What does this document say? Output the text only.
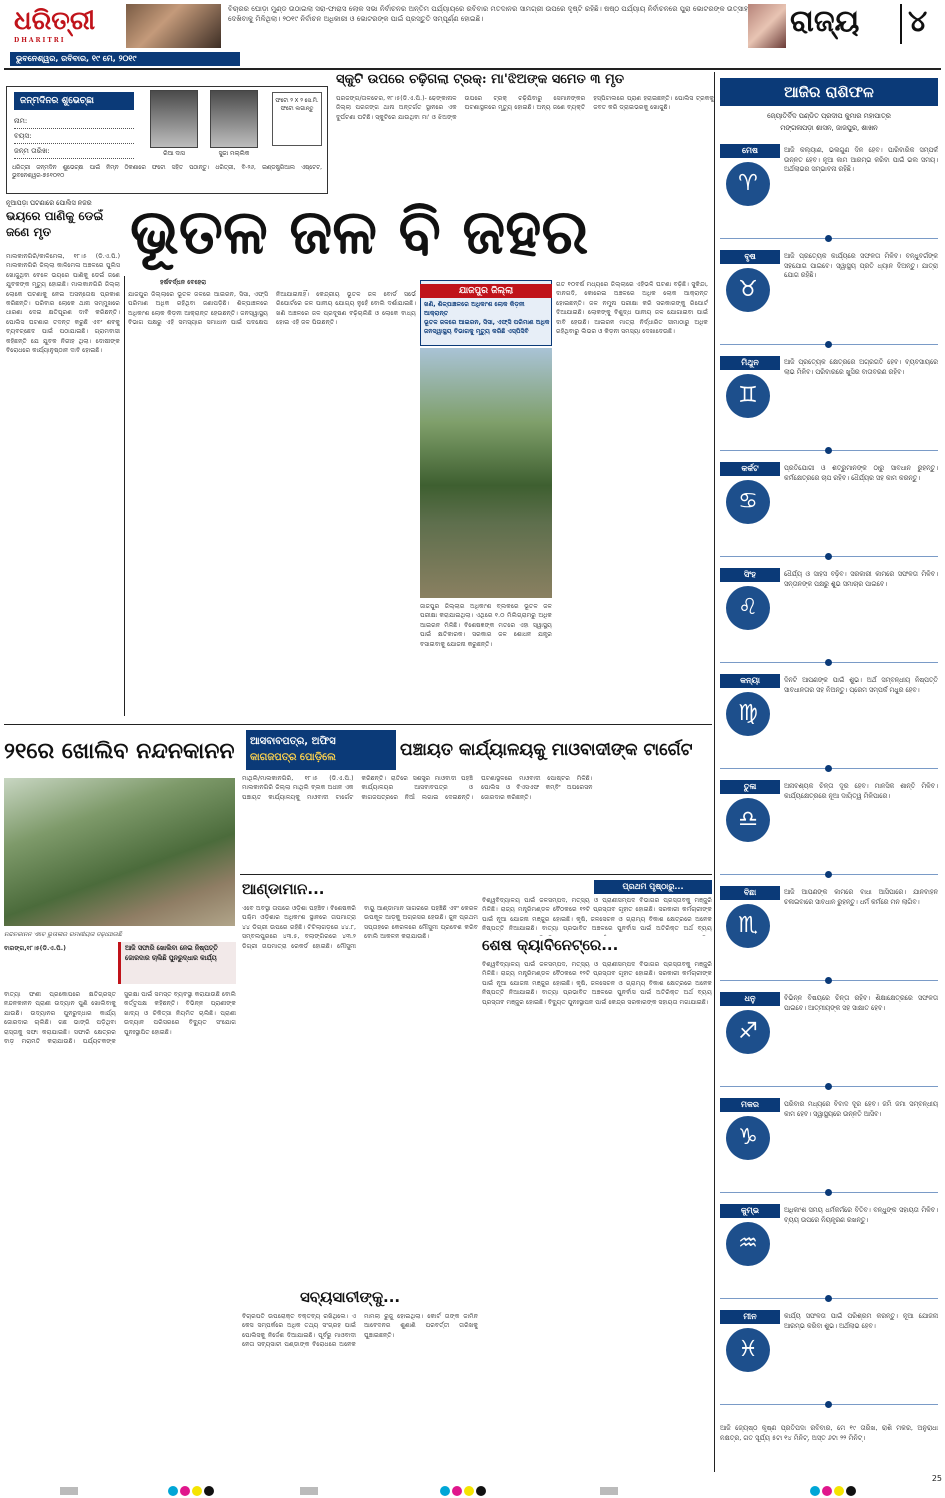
ଧରିତ୍ରୀ
DHARITRI
ବିଚାରର ଘୋଡ଼ା ମୁଣ୍ଡ ଉଠାଇଲା ସରା-ଫାରାସ ଲୋକ ସଭା ନିର୍ବାଚନର ଅନ୍ତିମ ପର୍ଯ୍ୟାୟରେ ରବିବାର ମତଦାନର ସାମଗ୍ରୀ ଉପରେ ଦୃଷ୍ଟି ରହିଛି। ଷଷ୍ଠ ପର୍ଯ୍ୟାୟ ନିର୍ବାଚନରେ ପୁରା ଭୋଟରଙ୍କ ଉତ୍ସାହ ଦେଖିବାକୁ ମିଳିଥିଲା। ୨୦୧୯ ନିର୍ବାଚନ ଅଧିକାରୀ ଓ ଭୋଟରଙ୍କ ପାଇଁ ପ୍ରସ୍ତୁତି ସମ୍ପୂର୍ଣ୍ଣ ହୋଇଛି।	ରାଜ୍ୟ	୪
ଭୁବନେଶ୍ୱର, ରବିବାର, ୧୯ ମେ, ୨୦୧୯
ସ୍କୁଟି ଉପରେ ଚଢ଼ିଗଲା ଟ୍ରକ୍: ମା'ଝିଅଙ୍କ ସମେତ ୩ ମୃତ
ପରଜଙ୍ଗ/ତାଳଚେର, ୧୮।୫(ଡି.ଏ.ପି.)- ଢେଙ୍କାନାଳ ଜିଲ୍ଲା ପରଜଙ୍ଗ ଥାନା ଅନ୍ତର୍ଗତ ସ୍ଥାନରେ ଏକ ଦୁର୍ଘଟଣା ଘଟିଛି। ସ୍କୁଟିରେ ଯାଉଥିବା ମା' ଓ ଝିଅଙ୍କ ଉପରେ ଟ୍ରକ୍ ଚଢ଼ିଯିବାରୁ ସେମାନଙ୍କର ଘଟଣାସ୍ଥଳରେ ମୃତ୍ୟୁ ହୋଇଛି। ଅନ୍ୟ ଜଣେ ବ୍ୟକ୍ତି ହସ୍ପିଟାଲରେ ପ୍ରାଣ ହରାଇଛନ୍ତି। ପୋଲିସ ଟ୍ରକକୁ ଜବତ କରି ଡ୍ରାଇଭରକୁ ଖୋଜୁଛି।
ଜନ୍ମଦିନର ଶୁଭେଚ୍ଛା
ନାମ:
ବୟସ:
ଜନ୍ମ ତାରିଖ:	ରିଆ ଦାସ	ସୁଜା ମଲ୍ଲିକ
ଫଟୋ ୨ X ୨ ସେ.ମି. ଫଟୋ ଲଗାନ୍ତୁ
ଧରିତ୍ରୀ ଜନ୍ମଦିନ ଶୁଭେଚ୍ଛା ପାଇଁ ନିମ୍ନ ଠିକଣାରେ ଫଟୋ ସହିତ ପଠାନ୍ତୁ। ଧରିତ୍ରୀ, ବି-୨୬, ଇଣ୍ଡଷ୍ଟ୍ରିଆଲ ଏଷ୍ଟେଟ, ଭୁବନେଶ୍ୱର-୭୫୧୦୧୦
ନୂଆପଡ଼ା ଘଟଣାରେ ପୋଲିସ ନଜର
ଭୟରେ ପାଣିକୁ ଡେଇଁ ଜଣେ ମୃତ	ଭୂତଳ ଜଳ ବି ଜହର
ମାଲକାନଗିରି/କାଳିମେଳା, ୧୮।୫ (ଡି.ଏ.ପି.) ମାଲକାନଗିରି ଜିଲ୍ଲା କାଳିମେଳା ଅଞ୍ଚଳରେ ପୁଲିସ ଖୋଜୁଥିବା ବେଳେ ଭୟରେ ପାଣିକୁ ଡେଇଁ ଜଣେ ଯୁବକଙ୍କ ମୃତ୍ୟୁ ହୋଇଛି। ମାଲକାନଗିରି ଜିଲ୍ଲା ଲୋକେ ଘଟଣାକୁ ନେଇ ଅସନ୍ତୋଷ ପ୍ରକାଶ କରିଛନ୍ତି। ପରିବାର ଲୋକେ ଥାନା ସମ୍ମୁଖରେ ଧାରଣା ଦେଇ କ୍ଷତିପୂରଣ ଦାବି କରିଛନ୍ତି। ପୋଲିସ ଘଟଣାର ତଦନ୍ତ କରୁଛି ଏବଂ ଶବକୁ ବ୍ୟବଚ୍ଛେଦ ପାଇଁ ପଠାଯାଇଛି। ଗ୍ରାମବାସୀ କହିଛନ୍ତି ଯେ ଯୁବକ ନିରୀହ ଥିଲା। ଦୋଷୀଙ୍କ ବିରୋଧରେ କାର୍ଯ୍ୟାନୁଷ୍ଠାନ ଦାବି ହୋଇଛି।
ହର୍ଷବର୍ଦ୍ଧନ ବେହେରା
ଯାଜପୁର ଜିଲ୍ଲାରେ ଭୂତଳ ଜଳରେ ଆଇରନ, ସିସା, ଏଫ୍‌ସି ପରିମାଣ ଅଧିକ ରହିଥିବା ଜଣାପଡ଼ିଛି। ଶିଳ୍ପାଞ୍ଚଳରେ ଅଧିକାଂଶ ଲୋକ କିଡ଼ନୀ ଆକ୍ରାନ୍ତ ହେଉଛନ୍ତି। ଜନସ୍ୱାସ୍ଥ୍ୟ ବିଭାଗ ପକ୍ଷରୁ ଏହି ସମସ୍ୟାର ସମାଧାନ ପାଇଁ ପଦକ୍ଷେପ ନିଆଯାଇନାହିଁ। କେନ୍ଦ୍ରୀୟ ଭୂତଳ ଜଳ ବୋର୍ଡ ସର୍ଭେ ରିପୋର୍ଟରେ ଜଳ ପାନୀୟ ଯୋଗ୍ୟ ନୁହେଁ ବୋଲି ଦର୍ଶାଯାଇଛି। ଖଣି ଅଞ୍ଚଳରେ ଜଳ ପ୍ରଦୂଷଣ ବଢ଼ିଚାଲିଛି ଓ ଲୋକେ ବାଧ୍ୟ ହୋଇ ଏହି ଜଳ ପିଉଛନ୍ତି।
ଯାଜପୁର ଜିଲ୍ଲା
ଖଣି, ଶିଳ୍ପାଞ୍ଚଳରେ ଅଧିକାଂଶ ଲୋକ କିଡ଼ନୀ ଆକ୍ରାନ୍ତ
ଭୂତଳ ଜଳରେ ଆଇରନ, ସିସା, ଏଫ୍‌ସି ପରିମାଣ ଅଧିକ
ଜନସ୍ୱାସ୍ଥ୍ୟ ବିଭାଗକୁ ମୃତ୍ୟୁ କରିଛି ଏସ୍‌ପିସିବି
ଗତ ୧୦ବର୍ଷ ମଧ୍ୟରେ ଜିଲ୍ଲାରେ ଏହିଭଳି ଘଟଣା ବଢ଼ିଛି। ସୁକିନ୍ଦା, ଦାନଗଦି, କୋରେଇ ଅଞ୍ଚଳରେ ଅଧିକ ଲୋକ ଆକ୍ରାନ୍ତ ହୋଇଛନ୍ତି। ଜଳ ନମୁନା ପରୀକ୍ଷା କରି ସରକାରଙ୍କୁ ରିପୋର୍ଟ ଦିଆଯାଇଛି। ଲୋକଙ୍କୁ ବିଶୁଦ୍ଧ ପାନୀୟ ଜଳ ଯୋଗାଇବା ପାଇଁ ଦାବି ହେଉଛି। ଆଇରନ ମାତ୍ରା ନିର୍ଦ୍ଧାରିତ ସୀମାଠାରୁ ଅଧିକ ରହିଥିବାରୁ ଲିଭର ଓ କିଡ଼ନୀ ସମସ୍ୟା ଦେଖାଦେଉଛି।
ଜାଜପୁର ଜିଲ୍ଲାର ଅଧିକାଂଶ ବ୍ଲକରେ ଭୂତଳ ଜଳ ପରୀକ୍ଷା କରାଯାଇଥିଲା। ଏଥିରେ ୧.୦ ମିଲିଗ୍ରାମରୁ ଅଧିକ ଆଇରନ ମିଳିଛି। ବିଶେଷଜ୍ଞଙ୍କ ମତରେ ଏହା ସ୍ୱାସ୍ଥ୍ୟ ପାଇଁ କ୍ଷତିକାରକ। ସରକାର ଜଳ ଶୋଧନ ଯନ୍ତ୍ର ବସାଇବାକୁ ଯୋଜନା କରୁଛନ୍ତି।
୨୧ରେ ଖୋଲିବ ନନ୍ଦନକାନନ
ନନ୍ଦନକାନନ ଏବେ ଭୁତାଳାର ରମଣୀୟତା ବଢ଼ାଯାଉଛି
ବାରଙ୍ଗ,୧୮।୫(ଡି.ଏ.ପି.)	ଆଜି ସଫାରି ଖୋଲିବା ନେଇ ନିଷ୍ପତ୍ତି
ଜୋରଦାର ଚାଲିଛି ପୁନରୁଦ୍ଧାର କାର୍ଯ୍ୟ
ବାତ୍ୟା ଫଣୀ ପ୍ରକୋପରେ କ୍ଷତିଗ୍ରସ୍ତ ନନ୍ଦନକାନନ ପ୍ରାଣୀ ଉଦ୍ୟାନ ପୁଣି ଖୋଲିବାକୁ ଯାଉଛି। ଉଦ୍ୟାନର ପୁନରୁଦ୍ଧାର କାର୍ଯ୍ୟ ଜୋରଦାର ଚାଲିଛି। ଗଛ ଭାଙ୍ଗି ପଡ଼ିଥିବା ରାସ୍ତାକୁ ସଫା କରାଯାଇଛି। ସଫାରି କ୍ଷେତ୍ରର ବାଡ଼ ମରାମତି କରାଯାଉଛି। ପର୍ଯ୍ୟଟକଙ୍କ ସୁରକ୍ଷା ପାଇଁ ସମସ୍ତ ବ୍ୟବସ୍ଥା କରାଯାଉଛି ବୋଲି କର୍ତ୍ତୃପକ୍ଷ କହିଛନ୍ତି। ବିଭିନ୍ନ ପ୍ରାଣୀଙ୍କ ଖାଦ୍ୟ ଓ ଚିକିତ୍ସା ନିୟମିତ ଚାଲିଛି। ପ୍ରାଣୀ ଉଦ୍ୟାନ ପରିସରରେ ବିଦ୍ୟୁତ ସଂଯୋଗ ପୁନଃସ୍ଥାପିତ ହୋଇଛି।
ଆସବାବପତ୍ର, ଅଫିସ
କାଗଜପତ୍ର ପୋଡ଼ିଲେ	ପଞ୍ଚାୟତ କାର୍ଯ୍ୟାଳୟକୁ ମାଓବାଦୀଙ୍କ ଟାର୍ଗେଟ
ମାଥିଲି/ମାଲକାନଗିରି, ୧୮।୫ (ଡି.ଏ.ପି.) ମାଲକାନଗିରି ଜିଲ୍ଲା ମାଥିଲି ବ୍ଲକ ଅଧୀନ ଏକ ପଞ୍ଚାୟତ କାର୍ଯ୍ୟାଳୟକୁ ମାଓବାଦୀ ଟାର୍ଗେଟ କରିଛନ୍ତି। ରାତିରେ ସଶସ୍ତ୍ର ମାଓବାଦୀ ପହଞ୍ଚି କାର୍ଯ୍ୟାଳୟର ଆସବାବପତ୍ର ଓ କାଗଜପତ୍ରରେ ନିଆଁ ଲଗାଇ ଦେଇଛନ୍ତି। ଘଟଣାସ୍ଥଳରେ ମାଓବାଦୀ ପୋଷ୍ଟର ମିଳିଛି। ପୋଲିସ ଓ ବିଏସଏଫ କମ୍ବିଂ ଅପରେସନ ଜୋରଦାର କରିଛନ୍ତି।
ଆଣ୍ଡାମାନ...
ଏବେ ଅବସ୍ଥା ତାପରେ ଓଡ଼ିଶା ପହଞ୍ଚିବ। ବିଶେଷକରି ପଶ୍ଚିମ ଓଡ଼ିଶାର ଅଧିକାଂଶ ସ୍ଥାନରେ ତାପମାତ୍ରା ୪୪ ଡିଗ୍ରୀ ଉପରେ ରହିଛି। ଟିଟିଲାଗଡ଼ରେ ୪୪.୮, ସମ୍ବଲପୁରରେ ୪୩.୫, ବଲାଙ୍ଗିରରେ ୪୩.୨ ଡିଗ୍ରୀ ତାପମାତ୍ରା ରେକର୍ଡ ହୋଇଛି। ମୌସୁମୀ ବାୟୁ ଆଣ୍ଡାମାନ ସାଗରରେ ପହଞ୍ଚିଛି ଏବଂ କେରଳ ଉପକୂଳ ଆଡ଼କୁ ଅଗ୍ରସର ହେଉଛି। ଜୁନ ପ୍ରଥମ ସପ୍ତାହରେ କେରଳରେ ମୌସୁମୀ ପ୍ରବେଶ କରିବ ବୋଲି ଆକଳନ କରାଯାଉଛି।
ସବ୍ୟସାଚୀଙ୍କୁ...
ବିଚାରପତି ଉପରୋକ୍ତ ବକ୍ତବ୍ୟ ରଖିଥିଲେ। ଏ କେସ ସମ୍ପର୍କରେ ଅଧିକ ତଥ୍ୟ ସଂଗ୍ରହ ପାଇଁ ପୋଲିସକୁ ନିର୍ଦ୍ଦେଶ ଦିଆଯାଇଛି। ପୂର୍ବରୁ ମାଓବାଦୀ ନେତା ସବ୍ୟସାଚୀ ପଣ୍ଡାଙ୍କ ବିରୋଧରେ ଅନେକ ମାମଲା ରୁଜୁ ହୋଇଥିଲା। କୋର୍ଟ ତାଙ୍କ ଜାମିନ ଆବେଦନର ଶୁଣାଣି ପରବର୍ତ୍ତୀ ତାରିଖକୁ ଘୁଞ୍ଚାଇଛନ୍ତି।
ପ୍ରଥମ ପୃଷ୍ଠାରୁ...
ଶେଷ କ୍ୟାବିନେଟ୍‌ରେ...
ବିଶ୍ୱବିଦ୍ୟାଳୟ ପାଇଁ ଜଳସମ୍ପଦ, ମତ୍ସ୍ୟ ଓ ପ୍ରାଣୀସମ୍ପଦ ବିଭାଗର ପ୍ରସ୍ତାବକୁ ମଞ୍ଜୁରି ମିଳିଛି। ରାଜ୍ୟ ମନ୍ତ୍ରିମଣ୍ଡଳ ବୈଠକରେ ୧୨ଟି ପ୍ରସ୍ତାବ ଗୃହୀତ ହୋଇଛି। ସରକାରୀ କର୍ମଚାରୀଙ୍କ ପାଇଁ ନୂଆ ଯୋଜନା ମଞ୍ଜୁର ହୋଇଛି। କୃଷି, ଜଳସେଚନ ଓ ଗ୍ରାମ୍ୟ ବିକାଶ କ୍ଷେତ୍ରରେ ଅନେକ ନିଷ୍ପତ୍ତି ନିଆଯାଇଛି। ବାତ୍ୟା ପ୍ରଭାବିତ ଅଞ୍ଚଳରେ ପୁନର୍ବାସ ପାଇଁ ଅତିରିକ୍ତ ଅର୍ଥ ବ୍ୟୟ
ବିଶ୍ୱବିଦ୍ୟାଳୟ ପାଇଁ ଜଳସମ୍ପଦ, ମତ୍ସ୍ୟ ଓ ପ୍ରାଣୀସମ୍ପଦ ବିଭାଗର ପ୍ରସ୍ତାବକୁ ମଞ୍ଜୁରି ମିଳିଛି। ରାଜ୍ୟ ମନ୍ତ୍ରିମଣ୍ଡଳ ବୈଠକରେ ୧୨ଟି ପ୍ରସ୍ତାବ ଗୃହୀତ ହୋଇଛି। ସରକାରୀ କର୍ମଚାରୀଙ୍କ ପାଇଁ ନୂଆ ଯୋଜନା ମଞ୍ଜୁର ହୋଇଛି। କୃଷି, ଜଳସେଚନ ଓ ଗ୍ରାମ୍ୟ ବିକାଶ କ୍ଷେତ୍ରରେ ଅନେକ ନିଷ୍ପତ୍ତି ନିଆଯାଇଛି। ବାତ୍ୟା ପ୍ରଭାବିତ ଅଞ୍ଚଳରେ ପୁନର୍ବାସ ପାଇଁ ଅତିରିକ୍ତ ଅର୍ଥ ବ୍ୟୟ ପ୍ରସ୍ତାବ ମଞ୍ଜୁର ହୋଇଛି। ବିଦ୍ୟୁତ ପୁନଃସ୍ଥାପନ ପାଇଁ କେନ୍ଦ୍ର ସରକାରଙ୍କ ସହାୟତା ମଗାଯାଇଛି।
ଆଜିର ରାଶିଫଳ
ଜ୍ୟୋତିର୍ବିଦ ପଣ୍ଡିତ ପ୍ରଦୀପ କୁମାର ମହାପାତ୍ର
ମଙ୍ଗଳାପଡ଼ା ଶାସନ, ଜାଜପୁର, ଶାଖନ
ମେଷ
♈
ଆଜି କଲ୍ୟାଣ, ଭଲଗୁଣ ଦିନ ହେବ। ପାରିବାରିକ ସମ୍ପର୍କ ଉନ୍ନତ ହେବ। ନୂଆ କାମ ଆରମ୍ଭ କରିବା ପାଇଁ ଭଲ ସମୟ। ଅର୍ଥଲାଭର ସମ୍ଭାବନା ରହିଛି।
ବୃଷ
♉
ଆଜି ପ୍ରତ୍ୟେକ କାର୍ଯ୍ୟରେ ସଫଳତା ମିଳିବ। ବନ୍ଧୁବର୍ଗଙ୍କ ସହଯୋଗ ପାଇବେ। ସ୍ୱାସ୍ଥ୍ୟ ପ୍ରତି ଧ୍ୟାନ ଦିଅନ୍ତୁ। ଯାତ୍ରା ଯୋଗ ରହିଛି।
ମିଥୁନ
♊
ଆଜି ପ୍ରତ୍ୟେକ କ୍ଷେତ୍ରରେ ଅଗ୍ରଗତି ହେବ। ବ୍ୟବସାୟରେ ଲାଭ ମିଳିବ। ପରିବାରରେ ଖୁସିର ବାତାବରଣ ରହିବ।
କର୍କଟ
♋
ପ୍ରତିଯୋଗୀ ଓ ଶତ୍ରୁମାନଙ୍କ ଠାରୁ ସାବଧାନ ରୁହନ୍ତୁ। କର୍ମକ୍ଷେତ୍ରରେ ଚାପ ରହିବ। ଧୈର୍ଯ୍ୟର ସହ କାମ କରନ୍ତୁ।
ସିଂହ
♌
ଧୈର୍ଯ୍ୟ ଓ ସାହସ ବଢ଼ିବ। ସରକାରୀ କାମରେ ସଫଳତା ମିଳିବ। ସନ୍ତାନଙ୍କ ପକ୍ଷରୁ ଶୁଭ ସମାଚାର ପାଇବେ।
କନ୍ୟା
♍
ଦିନଟି ଆପଣଙ୍କ ପାଇଁ ଶୁଭ। ଅର୍ଥ ସମ୍ବନ୍ଧୀୟ ନିଷ୍ପତ୍ତି ସାବଧାନତାର ସହ ନିଅନ୍ତୁ। ପ୍ରେମ ସମ୍ପର୍କ ମଧୁର ହେବ।
ତୁଳା
♎
ଅନାବଶ୍ୟକ ଚିନ୍ତା ଦୂର ହେବ। ମାନସିକ ଶାନ୍ତି ମିଳିବ। କାର୍ଯ୍ୟକ୍ଷେତ୍ରରେ ନୂଆ ଦାୟିତ୍ୱ ମିଳିପାରେ।
ବିଛା
♏
ଆଜି ଆପଣଙ୍କ କାମରେ ବାଧା ଆସିପାରେ। ଯାନବାହନ ଚଳାଇବାରେ ସାବଧାନ ରୁହନ୍ତୁ। ଧର୍ମ କର୍ମରେ ମନ ଲାଗିବ।
ଧନୁ
♐
ବିଭିନ୍ନ ବିଷୟରେ ଚିନ୍ତା ରହିବ। ଶିକ୍ଷାକ୍ଷେତ୍ରରେ ସଫଳତା ପାଇବେ। ଆତ୍ମୀୟଙ୍କ ସହ ସାକ୍ଷାତ ହେବ।
ମକର
♑
ପରିବାର ମଧ୍ୟରେ ବିବାଦ ଦୂର ହେବ। ଜମି ଜମା ସମ୍ବନ୍ଧୀୟ କାମ ହେବ। ସ୍ୱାସ୍ଥ୍ୟରେ ଉନ୍ନତି ଆସିବ।
କୁମ୍ଭ
♒
ଅଧିକାଂଶ ସମୟ ଧର୍ମକର୍ମରେ ବିତିବ। ବନ୍ଧୁଙ୍କ ସହାୟତା ମିଳିବ। ବ୍ୟୟ ଉପରେ ନିୟନ୍ତ୍ରଣ ରଖନ୍ତୁ।
ମୀନ
♓
କାର୍ଯ୍ୟ ସଫଳତା ପାଇଁ ପରିଶ୍ରମ କରନ୍ତୁ। ନୂଆ ଯୋଜନା ଆରମ୍ଭ କରିବା ଶୁଭ। ଅର୍ଥଲାଭ ହେବ।
ଆଜି ଜ୍ୟେଷ୍ଠ କୃଷ୍ଣ ପ୍ରତିପଦା ରବିବାର, ମେ ୧୯ ତାରିଖ, ରାଶି ମକର, ଅନୁରାଧା ନକ୍ଷତ୍ର, ଗତ ସୂର୍ଯ୍ୟ ୫ଟା ୧୪ ମିନିଟ୍, ଅସ୍ତ ୬ଟା ୨୨ ମିନିଟ୍।
25
